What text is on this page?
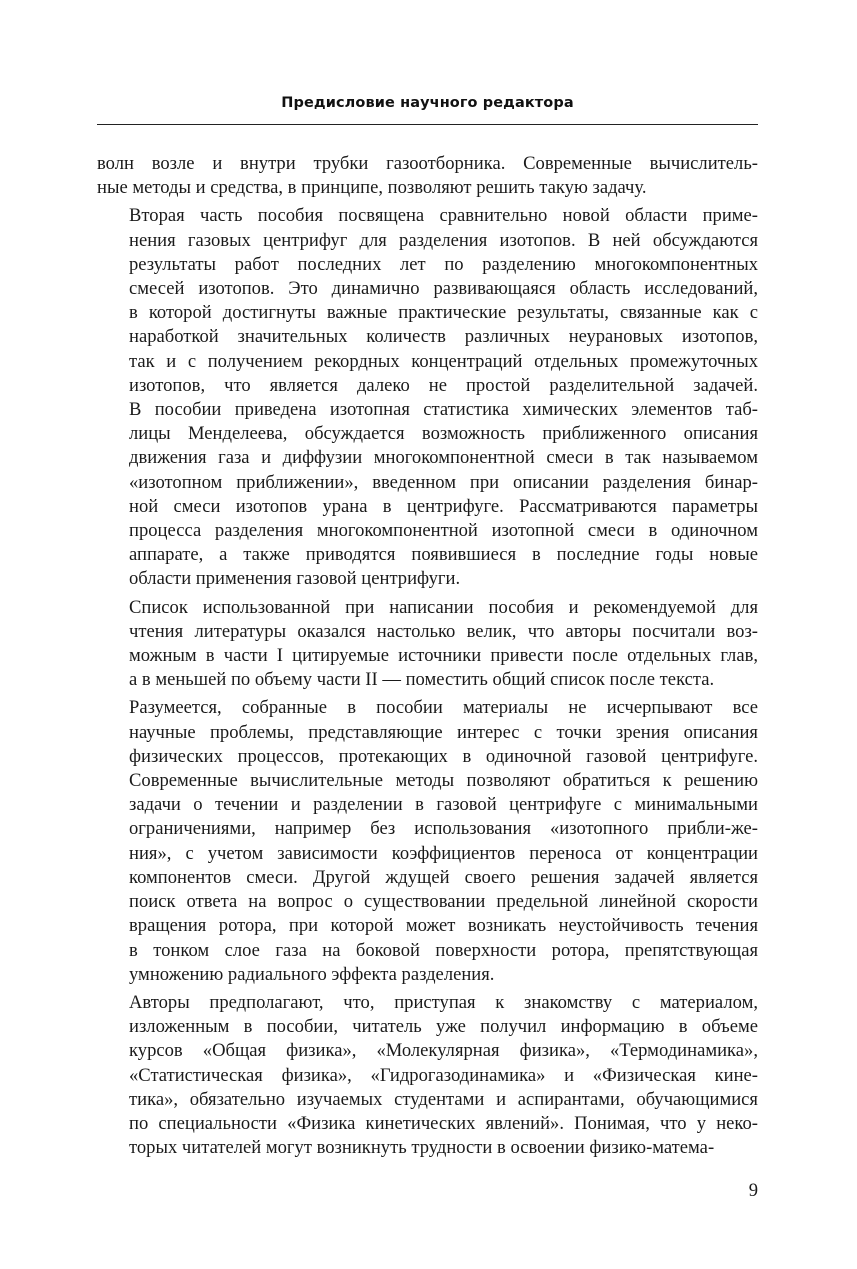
Предисловие научного редактора

волн возле и внутри трубки газоотборника. Современные вычислитель-
ные методы и средства, в принципе, позволяют решить такую задачу.

Вторая часть пособия посвящена сравнительно новой области приме-
нения газовых центрифуг для разделения изотопов. В ней обсуждаются
результаты работ последних лет по разделению многокомпонентных
смесей изотопов. Это динамично развивающаяся область исследований,
в которой достигнуты важные практические результаты, связанные как с
наработкой значительных количеств различных неурановых изотопов,
так и с получением рекордных концентраций отдельных промежуточных
изотопов, что является далеко не простой разделительной задачей.
В пособии приведена изотопная статистика химических элементов таб-
лицы Менделеева, обсуждается возможность приближенного описания
движения газа и диффузии многокомпонентной смеси в так называемом
«изотопном приближении», введенном при описании разделения бинар-
ной смеси изотопов урана в центрифуге. Рассматриваются параметры
процесса разделения многокомпонентной изотопной смеси в одиночном
аппарате, а также приводятся появившиеся в последние годы новые
области применения газовой центрифуги.

Список использованной при написании пособия и рекомендуемой для
чтения литературы оказался настолько велик, что авторы посчитали воз-
можным в части I цитируемые источники привести после отдельных глав,
а в меньшей по объему части II — поместить общий список после текста.

Разумеется, собранные в пособии материалы не исчерпывают все
научные проблемы, представляющие интерес с точки зрения описания
физических процессов, протекающих в одиночной газовой центрифуге.
Современные вычислительные методы позволяют обратиться к решению
задачи о течении и разделении в газовой центрифуге с минимальными
ограничениями, например без использования «изотопного прибли-же-
ния», с учетом зависимости коэффициентов переноса от концентрации
компонентов смеси. Другой ждущей своего решения задачей является
поиск ответа на вопрос о существовании предельной линейной скорости
вращения ротора, при которой может возникать неустойчивость течения
в тонком слое газа на боковой поверхности ротора, препятствующая
умножению радиального эффекта разделения.

Авторы предполагают, что, приступая к знакомству с материалом,
изложенным в пособии, читатель уже получил информацию в объеме
курсов «Общая физика», «Молекулярная физика», «Термодинамика»,
«Статистическая физика», «Гидрогазодинамика» и «Физическая кине-
тика», обязательно изучаемых студентами и аспирантами, обучающимися
по специальности «Физика кинетических явлений». Понимая, что у неко-
торых читателей могут возникнуть трудности в освоении физико-матема-

9
